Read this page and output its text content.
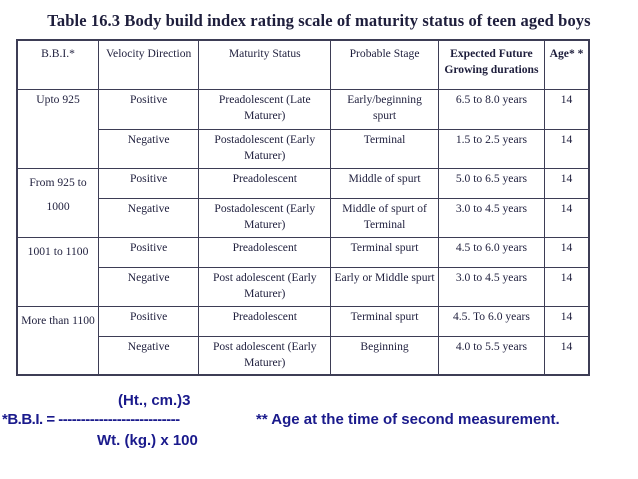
Table 16.3 Body build index rating scale of maturity status of teen aged boys
B.B.I.*	Velocity Direction	Maturity Status	Probable Stage	Expected Future Growing durations	Age* *
Upto 925	Positive	Preadolescent (Late Maturer)	Early/beginning spurt	6.5 to 8.0 years	14
	Negative	Postadolescent (Early Maturer)	Terminal	1.5 to 2.5 years	14
From 925 to 1000	Positive	Preadolescent	Middle of spurt	5.0 to 6.5 years	14
	Negative	Postadolescent (Early Maturer)	Middle of spurt of Terminal	3.0 to 4.5 years	14
1001 to 1100	Positive	Preadolescent	Terminal spurt	4.5 to 6.0 years	14
	Negative	Post adolescent (Early Maturer)	Early or Middle spurt	3.0 to 4.5 years	14
More than 1100	Positive	Preadolescent	Terminal spurt	4.5. To 6.0 years	14
	Negative	Post adolescent (Early Maturer)	Beginning	4.0 to 5.5 years	14
(Ht., cm.)3
*B.B.I. = ---------------------------
Wt. (kg.) x 100
** Age at the time of second measurement.
